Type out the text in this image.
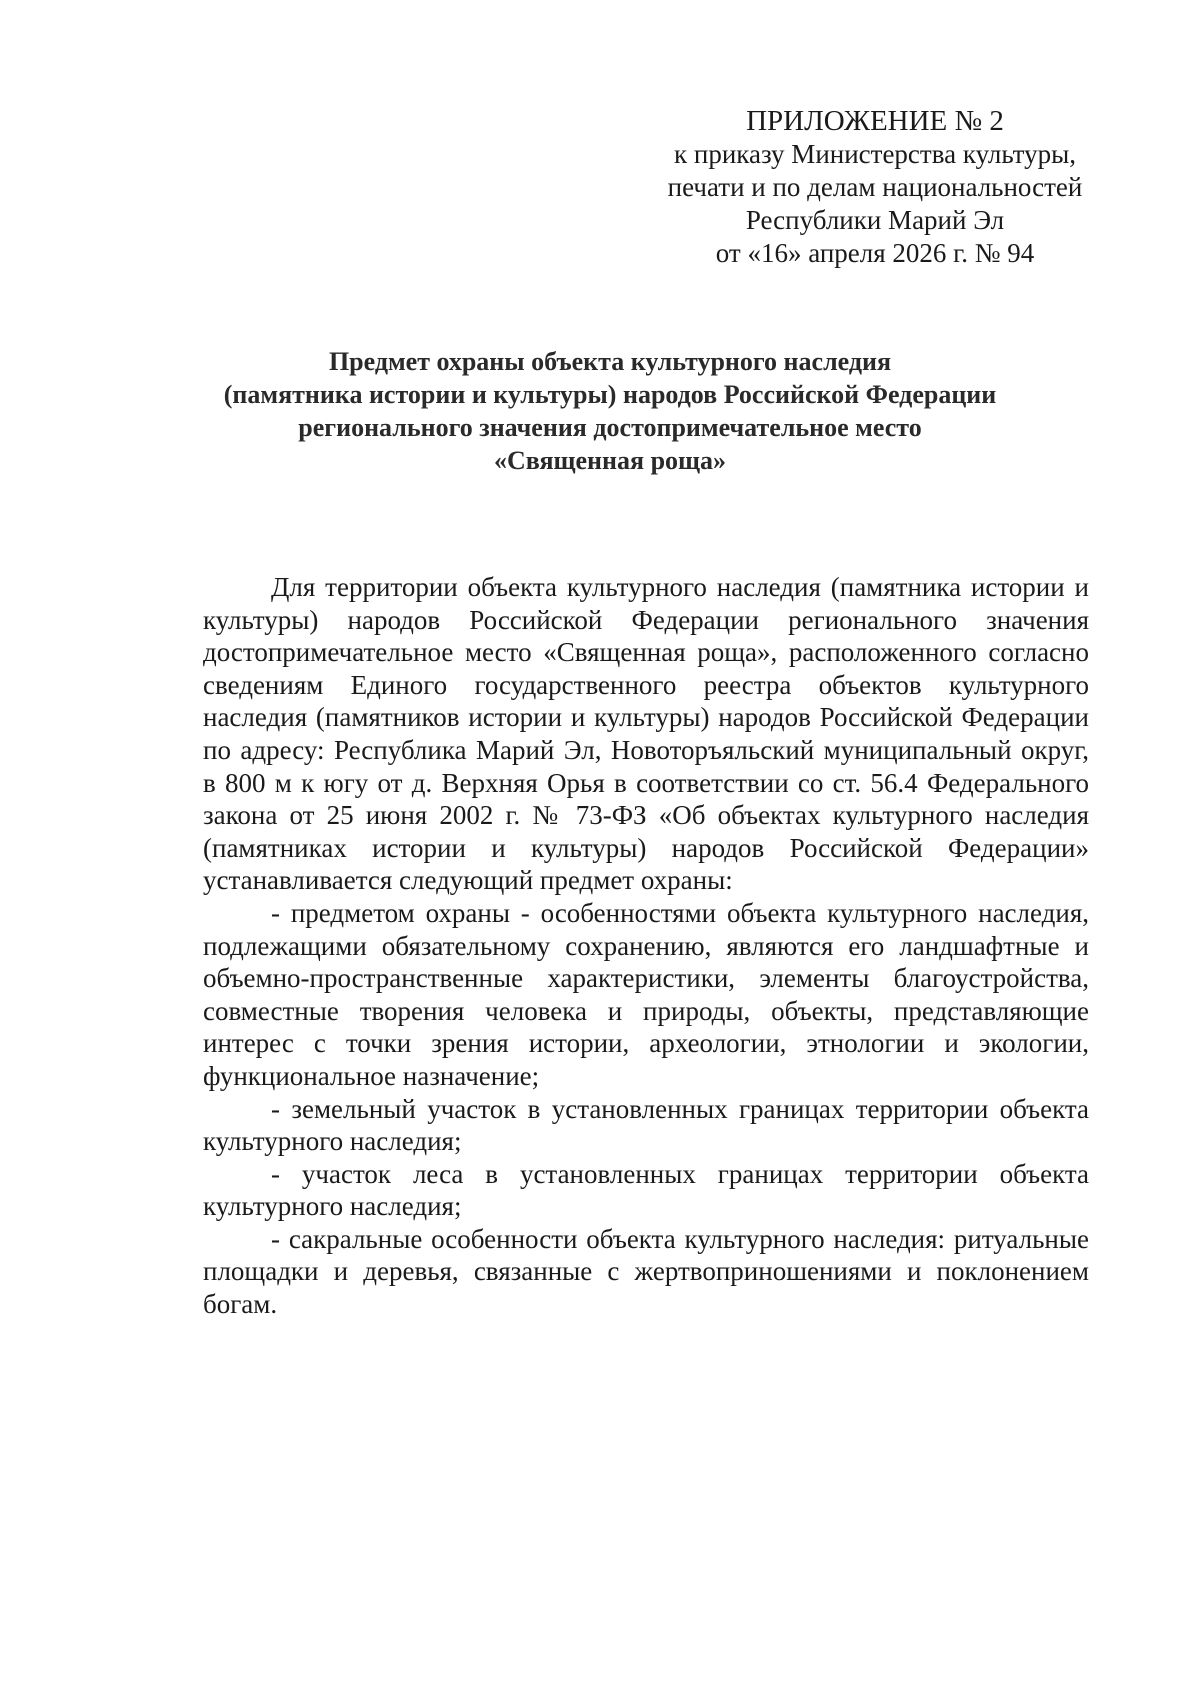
ПРИЛОЖЕНИЕ № 2
к приказу Министерства культуры,
печати и по делам национальностей
Республики Марий Эл
от «16» апреля 2026 г. № 94
Предмет охраны объекта культурного наследия
(памятника истории и культуры) народов Российской Федерации
регионального значения достопримечательное место
«Священная роща»

Для территории объекта культурного наследия (памятника истории и культуры) народов Российской Федерации регионального значения достопримечательное место «Священная роща», расположенного согласно сведениям Единого государственного реестра объектов культурного наследия (памятников истории и культуры) народов Российской Федерации по адресу: Республика Марий Эл, Новоторъяльский муниципальный округ, в 800 м к югу от д. Верхняя Орья в соответствии со ст. 56.4 Федерального закона от 25 июня 2002 г. № 73-ФЗ «Об объектах культурного наследия (памятниках истории и культуры) народов Российской Федерации» устанавливается следующий предмет охраны:

- предметом охраны - особенностями объекта культурного наследия, подлежащими обязательному сохранению, являются его ландшафтные и объемно-пространственные характеристики, элементы благоустройства, совместные творения человека и природы, объекты, представляющие интерес с точки зрения истории, археологии, этнологии и экологии, функциональное назначение;

- земельный участок в установленных границах территории объекта культурного наследия;

- участок леса в установленных границах территории объекта культурного наследия;

- сакральные особенности объекта культурного наследия: ритуальные площадки и деревья, связанные с жертвоприношениями и поклонением богам.
